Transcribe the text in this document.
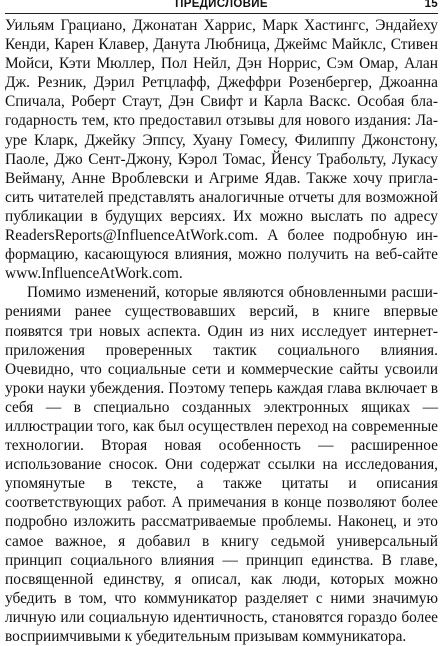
ПРЕДИСЛОВИЕ	15

Уильям Грациано, Джонатан Харрис, Марк Хастингс, Эндайеху Кенди, Карен Клавер, Данута Любница, Джеймс Майклс, Стивен Мойси, Кэти Мюллер, Пол Нейл, Дэн Норрис, Сэм Омар, Алан Дж. Резник, Дэрил Ретцлафф, Джеффри Розенбергер, Джоанна Спичала, Роберт Стаут, Дэн Свифт и Карла Васкс. Особая благодарность тем, кто предоставил отзывы для нового издания: Лауре Кларк, Джейку Эппсу, Хуану Гомесу, Филиппу Джонстону, Паоле, Джо Сент-Джону, Кэрол Томас, Йенсу Трабольту, Лукасу Вейману, Анне Вроблевски и Агриме Ядав. Также хочу пригласить читателей представлять аналогичные отчеты для возможной публикации в будущих версиях. Их можно выслать по адресу ReadersReports@InfluenceAtWork.com. А более подробную информацию, касающуюся влияния, можно получить на веб-сайте www.InfluenceAtWork.com.

Помимо изменений, которые являются обновленными расширениями ранее существовавших версий, в книге впервые появятся три новых аспекта. Один из них исследует интернет-приложения проверенных тактик социального влияния. Очевидно, что социальные сети и коммерческие сайты усвоили уроки науки убеждения. Поэтому теперь каждая глава включает в себя — в специально созданных электронных ящиках — иллюстрации того, как был осуществлен переход на современные технологии. Вторая новая особенность — расширенное использование сносок. Они содержат ссылки на исследования, упомянутые в тексте, а также цитаты и описания соответствующих работ. А примечания в конце позволяют более подробно изложить рассматриваемые проблемы. Наконец, и это самое важное, я добавил в книгу седьмой универсальный принцип социального влияния — принцип единства. В главе, посвященной единству, я описал, как люди, которых можно убедить в том, что коммуникатор разделяет с ними значимую личную или социальную идентичность, становятся гораздо более восприимчивыми к убедительным призывам коммуникатора.
